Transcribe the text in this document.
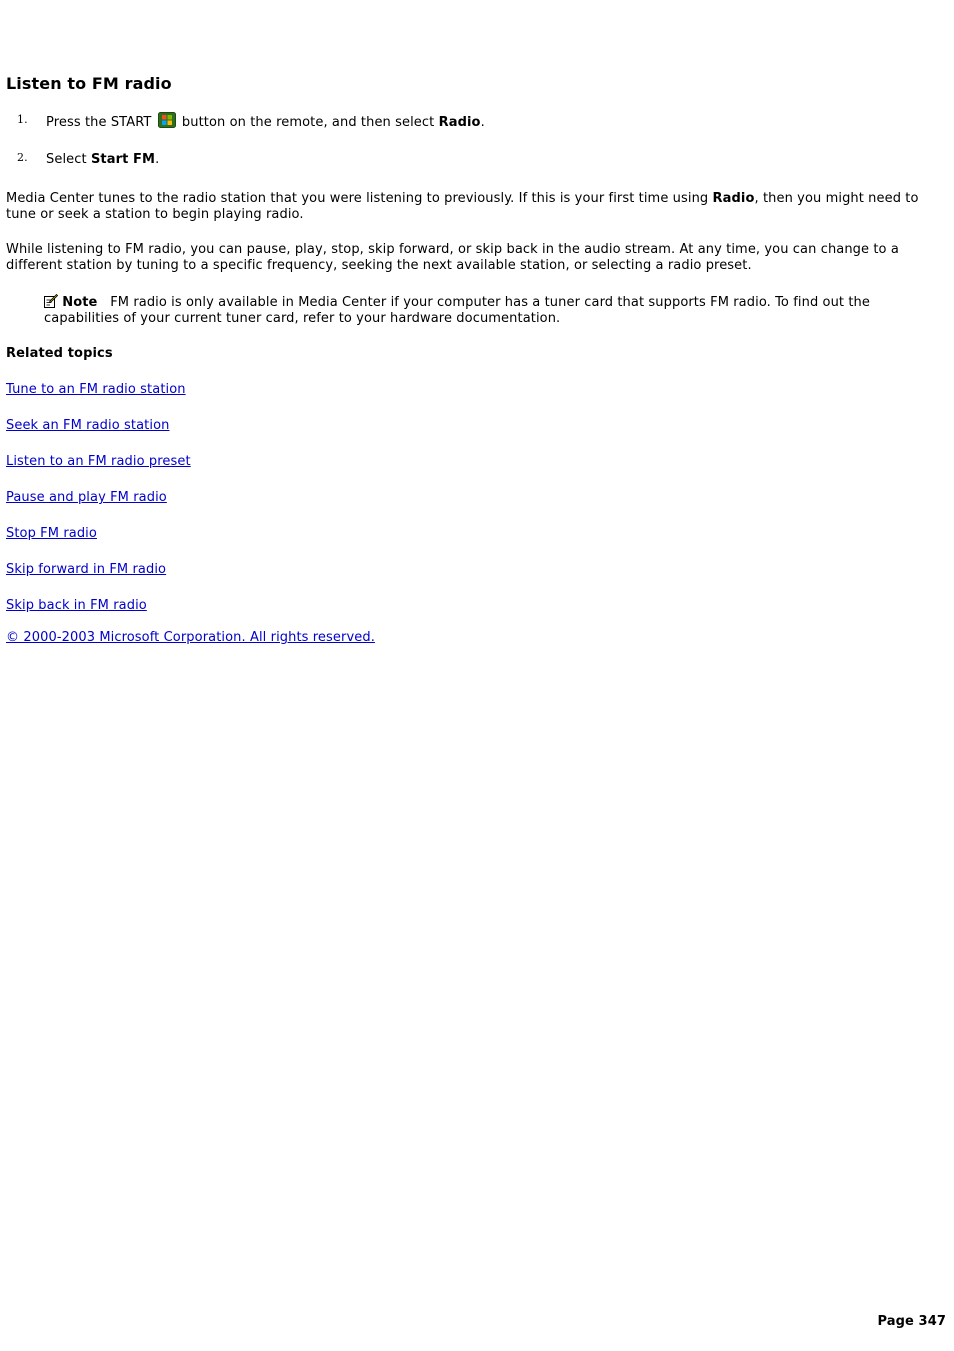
Listen to FM radio
1. Press the START button on the remote, and then select Radio.
2. Select Start FM.

Media Center tunes to the radio station that you were listening to previously. If this is your first time using Radio, then you might need to tune or seek a station to begin playing radio.

While listening to FM radio, you can pause, play, stop, skip forward, or skip back in the audio stream. At any time, you can change to a different station by tuning to a specific frequency, seeking the next available station, or selecting a radio preset.

Note FM radio is only available in Media Center if your computer has a tuner card that supports FM radio. To find out the capabilities of your current tuner card, refer to your hardware documentation.

Related topics

Tune to an FM radio station
Seek an FM radio station
Listen to an FM radio preset
Pause and play FM radio
Stop FM radio
Skip forward in FM radio
Skip back in FM radio
© 2000-2003 Microsoft Corporation. All rights reserved.
Page 347
